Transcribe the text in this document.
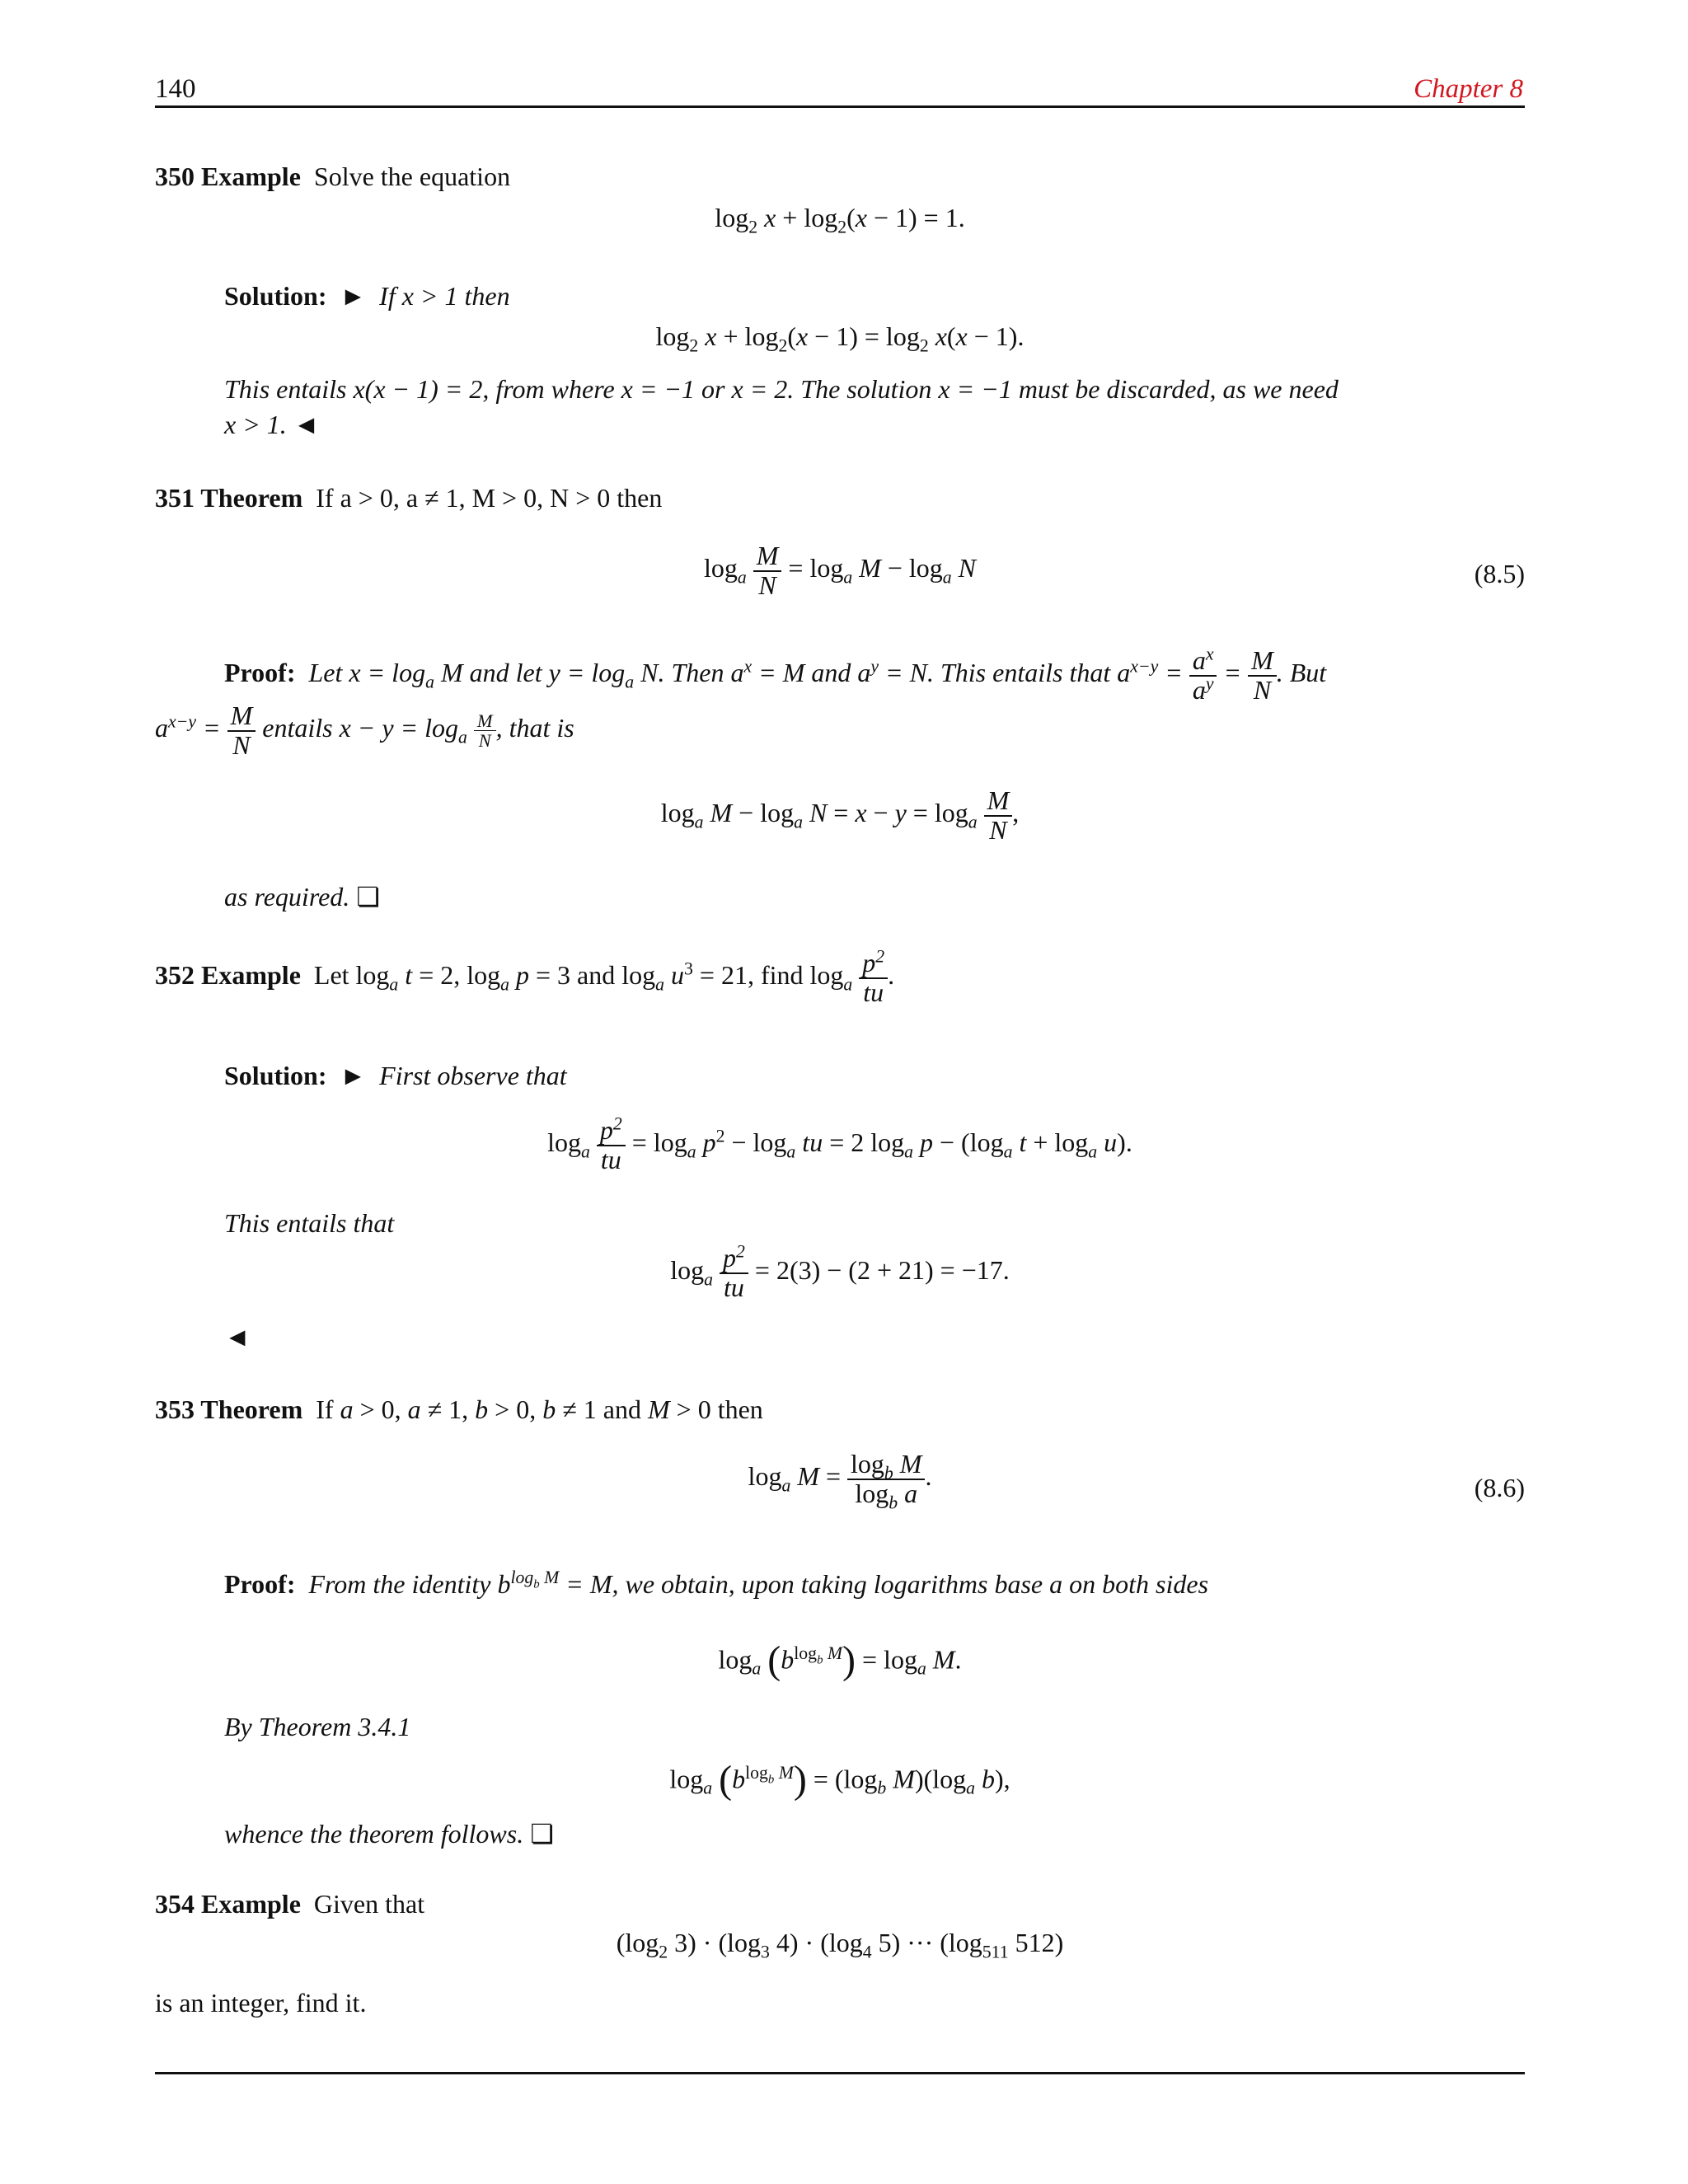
140	Chapter 8
350 Example Solve the equation
$\log_2 x + \log_2(x - 1) = 1$.
Solution: ► If x > 1 then
$\log_2 x + \log_2(x - 1) = \log_2 x(x - 1)$.
This entails x(x − 1) = 2, from where x = −1 or x = 2. The solution x = −1 must be discarded, as we need
x > 1. ◄
351 Theorem If a > 0, a ≠ 1, M > 0, N > 0 then
$\log_a \frac{M}{N} = \log_a M - \log_a N$	(8.5)
Proof: Let $x = \log_a M$ and let $y = \log_a N$. Then $a^x = M$ and $a^y = N$. This entails that $a^{x-y} = \frac{a^x}{a^y} = \frac{M}{N}$ . But
$a^{x-y} = \frac{M}{N}$ entails $x - y = \log_a \frac{M}{N}$ , that is
$\log_a M - \log_a N = x - y = \log_a \frac{M}{N}$ ,
as required. ❏
352 Example Let $\log_a t = 2$, $\log_a p = 3$ and $\log_a u^3 = 21$, find $\log_a \frac{p^2}{tu}$ .
Solution: ► First observe that
$\log_a \frac{p^2}{tu} = \log_a p^2 - \log_a$ tu = 2 $\log_a p - (\log_a$ $t + \log_a u$).
This entails that
$\log_a \frac{p^2}{tu} = 2(3) - (2 + 21) = -17$.
◄
353 Theorem If a > 0, a ≠ 1, b > 0, b ≠ 1 and M > 0 then
$\log_a M = \frac{\log_b M}{\log_b a}$ .	(8.6)
Proof: From the identity $b^{log_b M} = M$, we obtain, upon taking logarithms base a on both sides
$\log_a (b^{log_b M}) = \log_a M$.
By Theorem 3.4.1
$\log_a (b^{log_b M}) = (\log_b$ $M)(\log_a$ b),
whence the theorem follows. ❏
354 Example Given that
($\log_2$ $3) \cdot (\log_3$ $4) \cdot (\log_4$ 5) ··· ($\log_{511}$ 512)
is an integer, find it.
